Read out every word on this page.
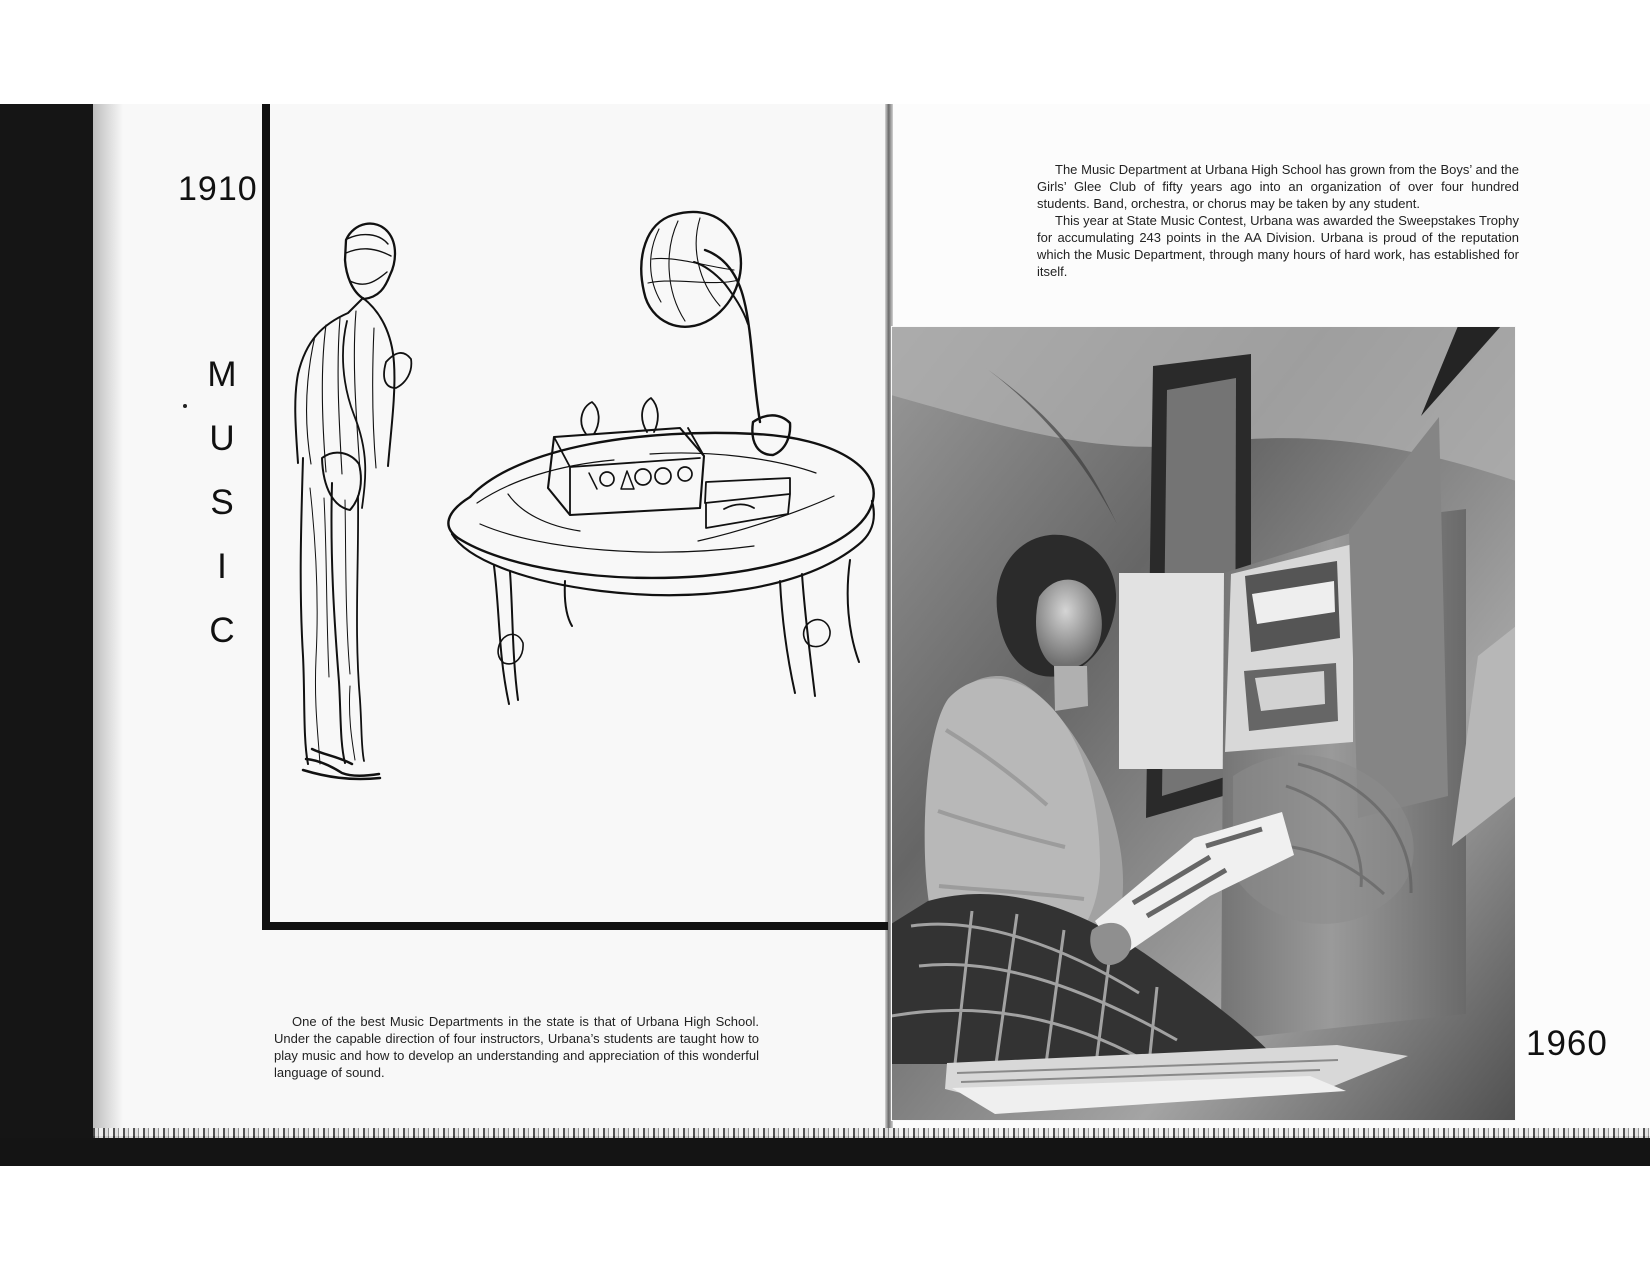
1910
M
U
S
I
C

One of the best Music Departments in the state is that of Urbana High School. Under the capable direction of four instructors, Urbana’s students are taught how to play music and how to develop an understanding and appreciation of this wonderful language of sound.

The Music Department at Urbana High School has grown from the Boys’ and the Girls’ Glee Club of fifty years ago into an organization of over four hundred students. Band, orchestra, or chorus may be taken by any student.

This year at State Music Contest, Urbana was awarded the Sweepstakes Trophy for accumulating 243 points in the AA Division. Urbana is proud of the reputation which the Music Department, through many hours of hard work, has established for itself.

1960
